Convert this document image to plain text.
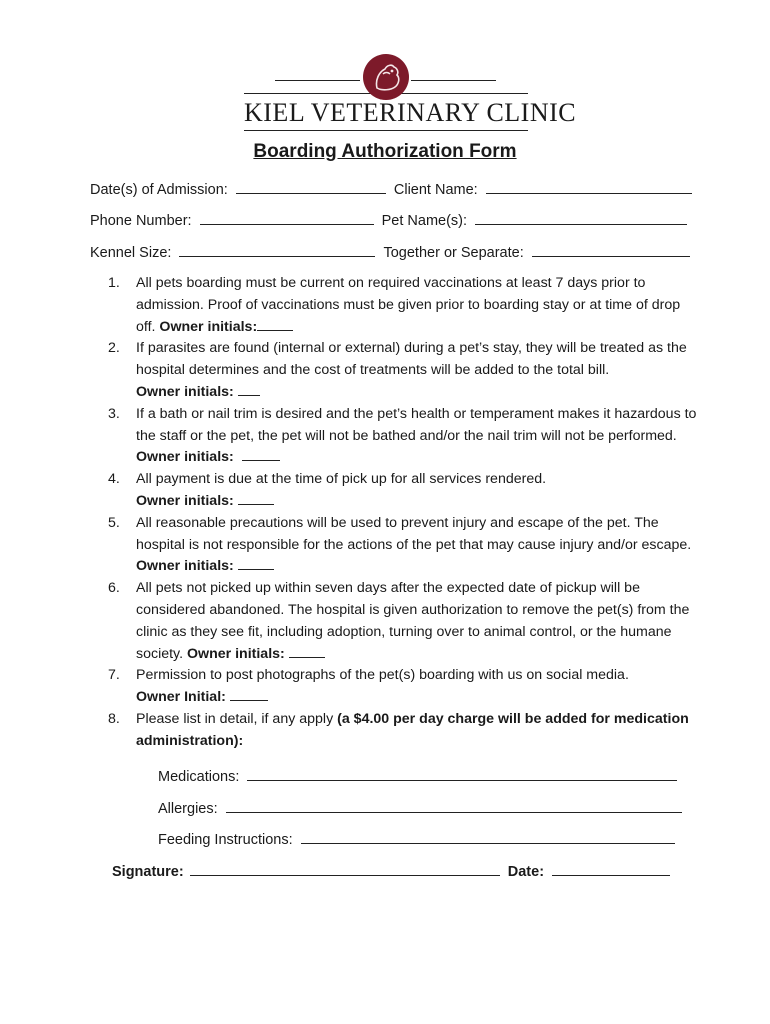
KIEL VETERINARY CLINIC
Boarding Authorization Form
Date(s) of Admission:	Client Name:
Phone Number:	Pet Name(s):
Kennel Size:	Together or Separate:
1. All pets boarding must be current on required vaccinations at least 7 days prior to admission. Proof of vaccinations must be given prior to boarding stay or at time of drop off. Owner initials:
2. If parasites are found (internal or external) during a pet’s stay, they will be treated as the hospital determines and the cost of treatments will be added to the total bill.
Owner initials:
3. If a bath or nail trim is desired and the pet’s health or temperament makes it hazardous to the staff or the pet, the pet will not be bathed and/or the nail trim will not be performed. Owner initials:
4. All payment is due at the time of pick up for all services rendered.
Owner initials:
5. All reasonable precautions will be used to prevent injury and escape of the pet. The hospital is not responsible for the actions of the pet that may cause injury and/or escape. Owner initials:
6. All pets not picked up within seven days after the expected date of pickup will be considered abandoned. The hospital is given authorization to remove the pet(s) from the clinic as they see fit, including adoption, turning over to animal control, or the humane society. Owner initials:
7. Permission to post photographs of the pet(s) boarding with us on social media.
Owner Initial:
8. Please list in detail, if any apply (a $4.00 per day charge will be added for medication administration):
Medications:
Allergies:
Feeding Instructions:
Signature:	Date:
